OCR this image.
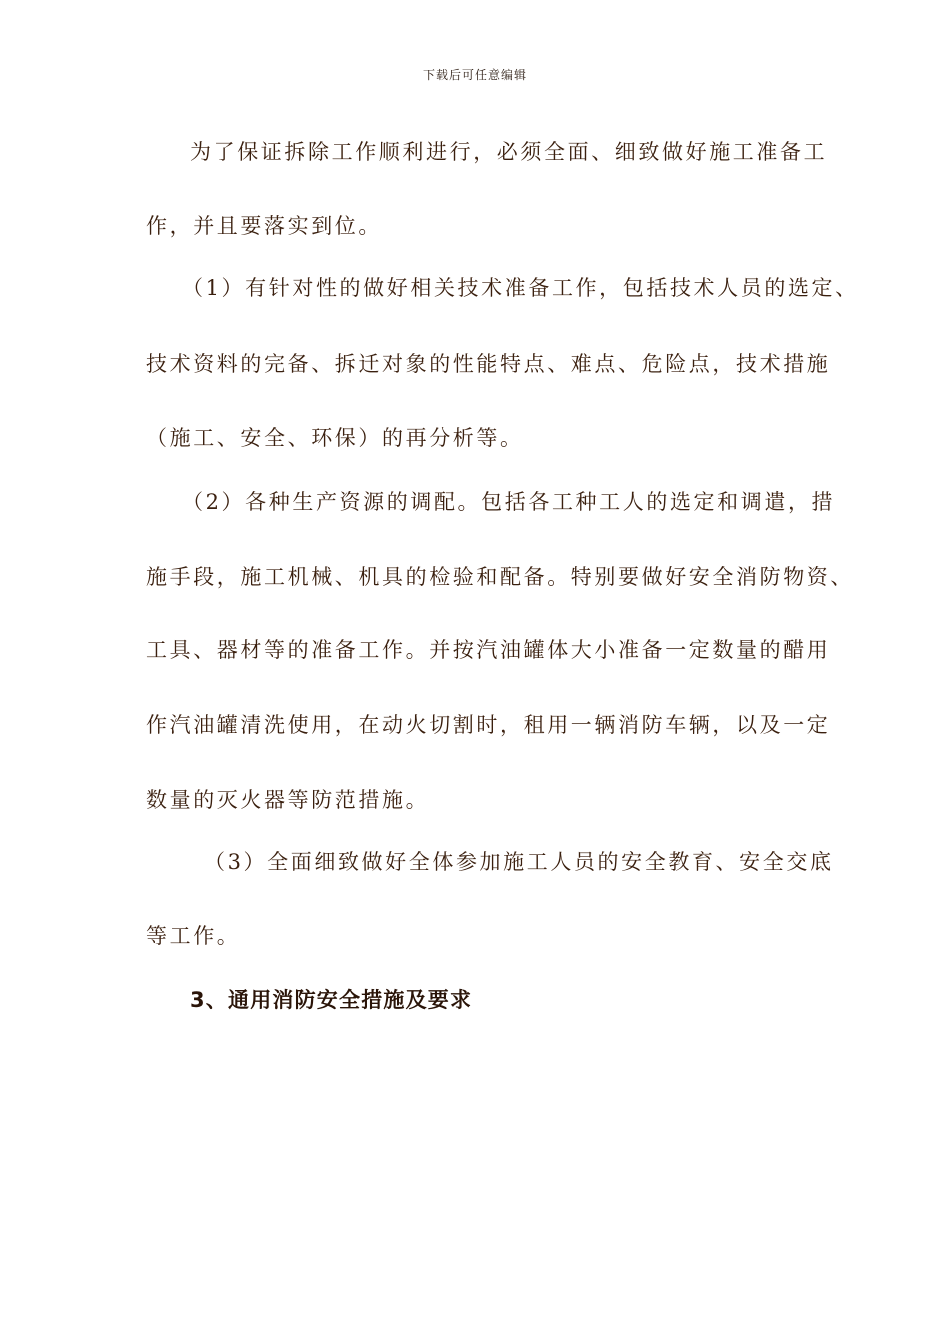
下载后可任意编辑
为了保证拆除工作顺利进行，必须全面、细致做好施工准备工
作，并且要落实到位。
（1）有针对性的做好相关技术准备工作，包括技术人员的选定、
技术资料的完备、拆迁对象的性能特点、难点、危险点，技术措施
（施工、安全、环保）的再分析等。
（2）各种生产资源的调配。包括各工种工人的选定和调遣，措
施手段，施工机械、机具的检验和配备。特别要做好安全消防物资、
工具、器材等的准备工作。并按汽油罐体大小准备一定数量的醋用
作汽油罐清洗使用，在动火切割时，租用一辆消防车辆，以及一定
数量的灭火器等防范措施。
（3）全面细致做好全体参加施工人员的安全教育、安全交底
等工作。
3、通用消防安全措施及要求
